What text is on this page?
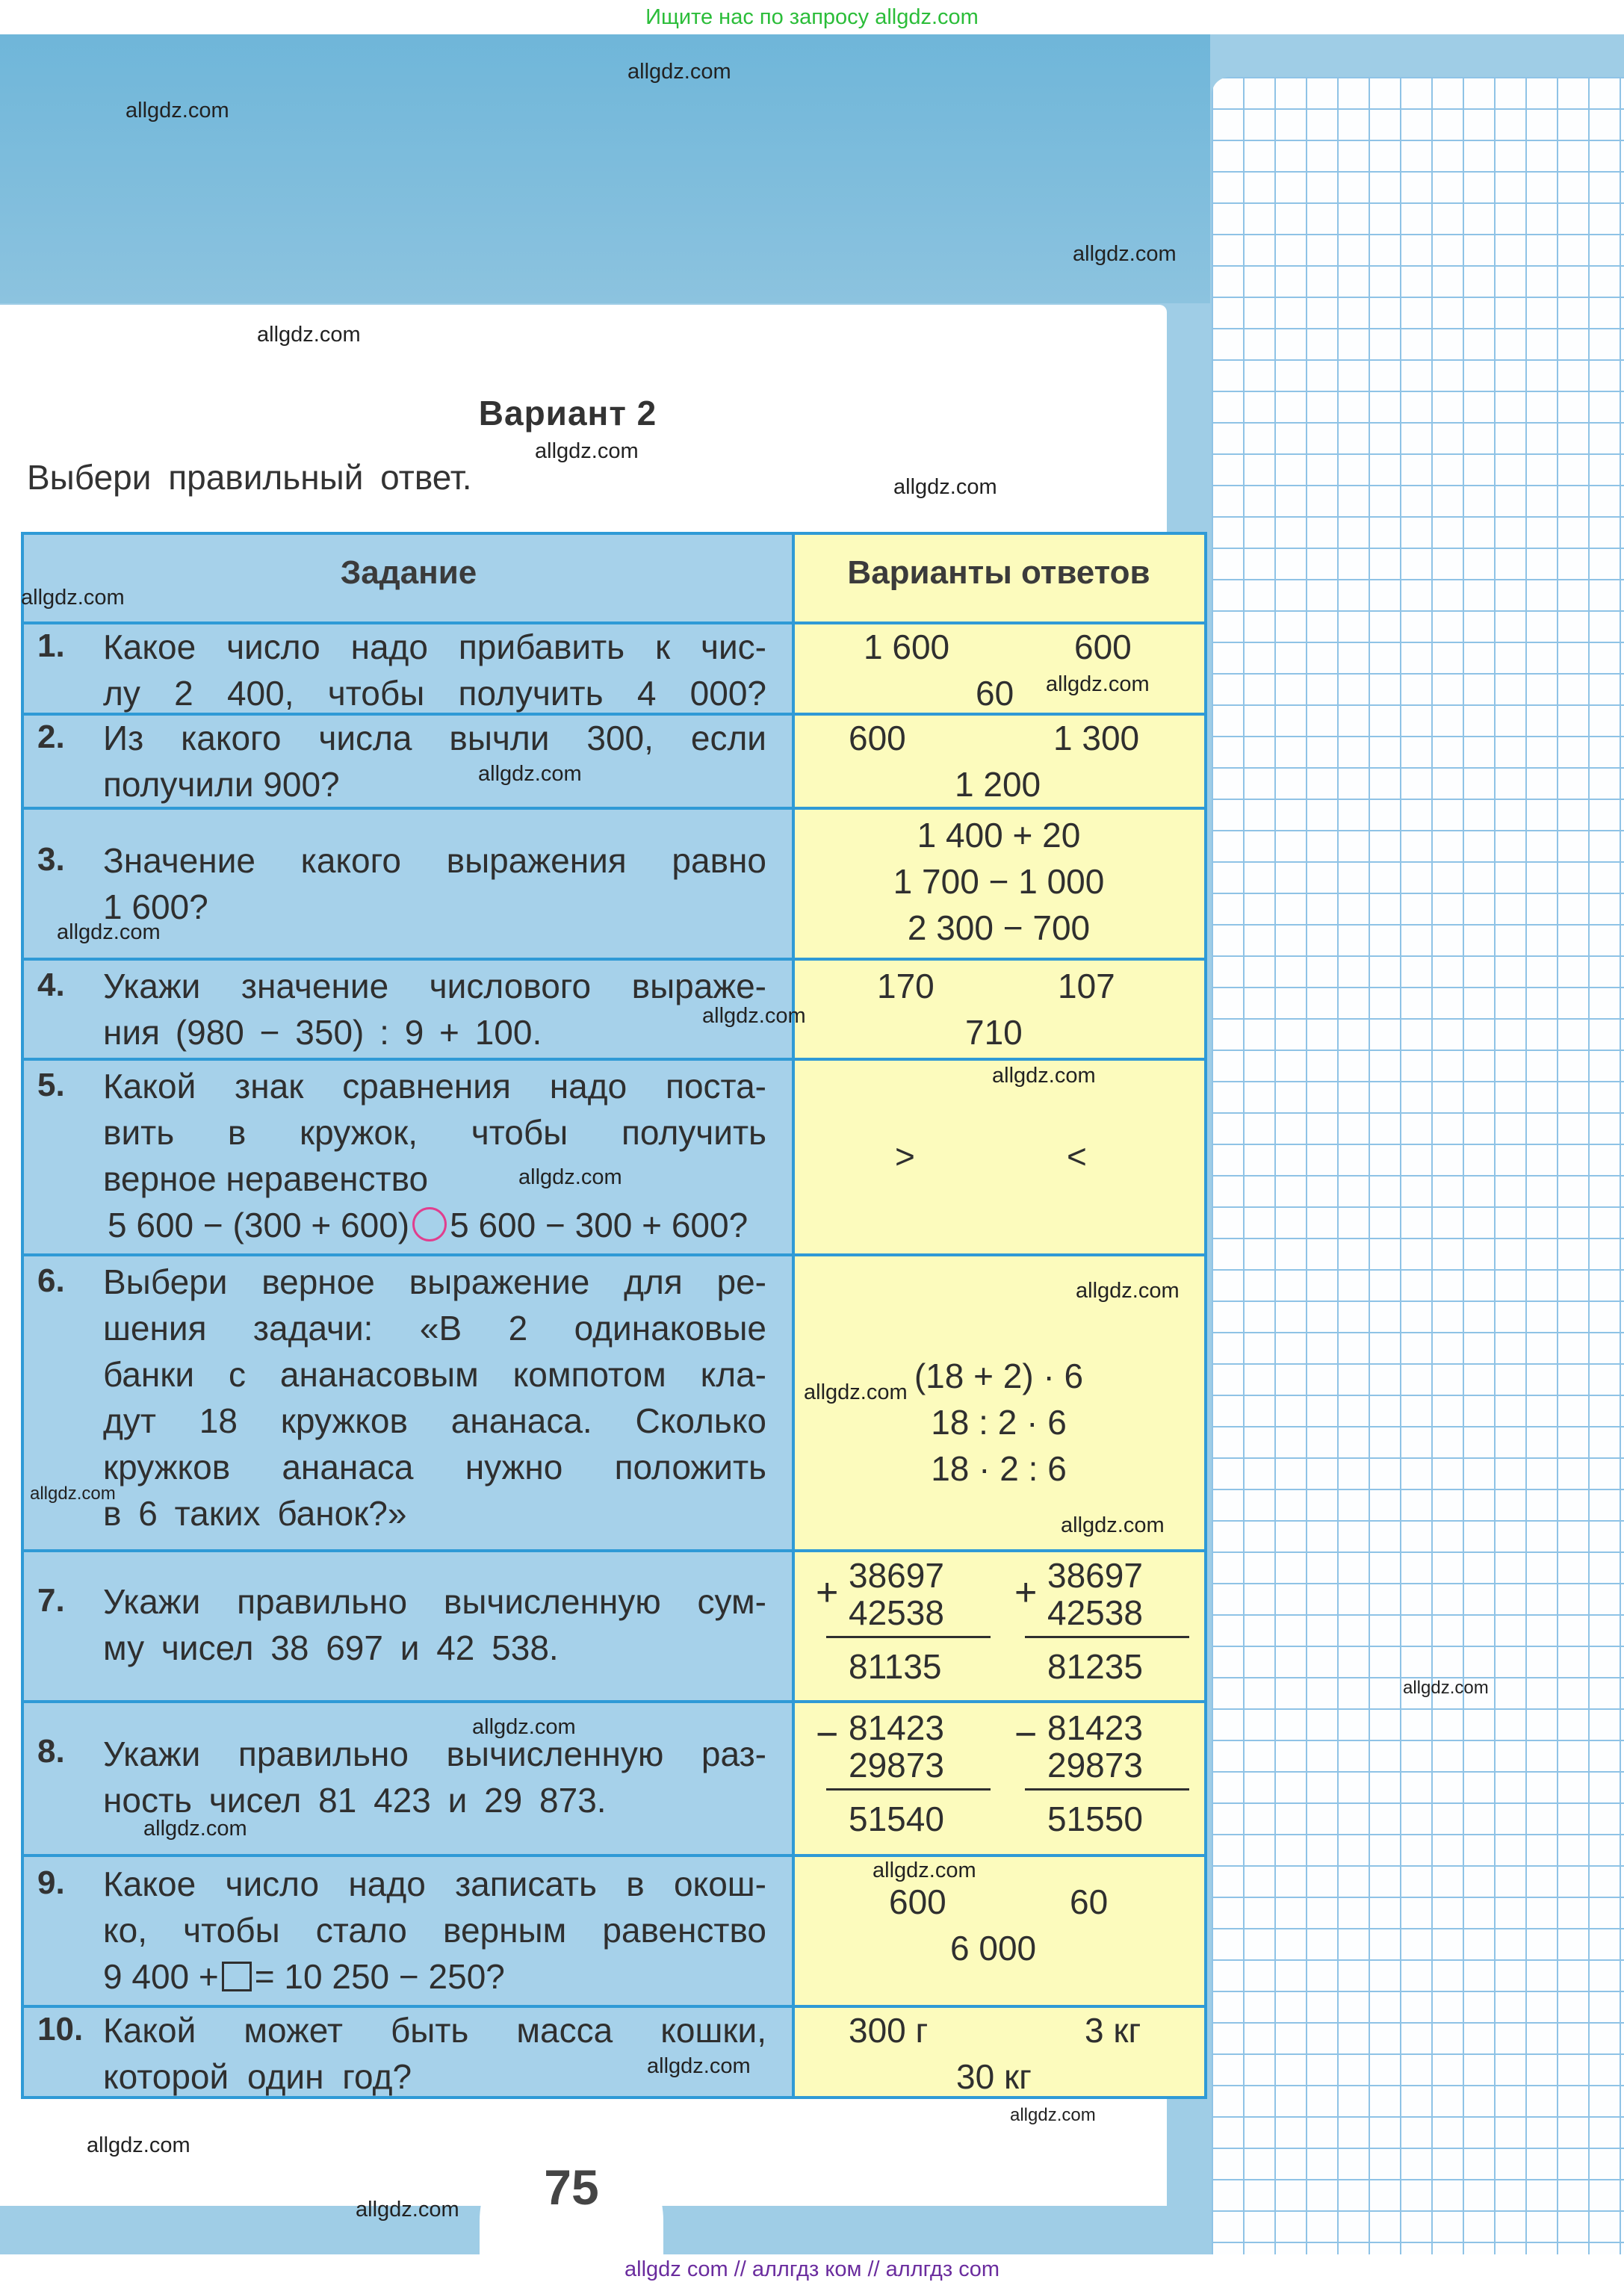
Ищите нас по запросу allgdz.com
75
Вариант 2
Выбери правильный ответ.
Задание	Варианты ответов
1. Какое число надо прибавить к чис-
лу 2 400, чтобы получить 4 000?
1 600	600
60
2. Из какого числа вычли 300, если
получили 900?
600	1 300
1 200
3. Значение какого выражения равно
1 600?
1 400 + 20
1 700 − 1 000
2 300 − 700
4. Укажи значение числового выраже-
ния (980 − 350) : 9 + 100.
170	107
710
5. Какой знак сравнения надо поста-
вить в кружок, чтобы получить
верное неравенство
5 600 − (300 + 600) 5 600 − 300 + 600?
>	<
6. Выбери верное выражение для ре-
шения задачи: «В 2 одинаковые
банки с ананасовым компотом кла-
дут 18 кружков ананаса. Сколько
кружков ананаса нужно положить
в 6 таких банок?»
(18 + 2) · 6
18 : 2 · 6
18 · 2 : 6
7. Укажи правильно вычисленную сум-
му чисел 38 697 и 42 538.
+ 38697
42538
81135
+ 38697
42538
81235
8. Укажи правильно вычисленную раз-
ность чисел 81 423 и 29 873.
− 81423
29873
51540
− 81423
29873
51550
9. Какое число надо записать в окош-
ко, чтобы стало верным равенство
9 400 + = 10 250 − 250?
600	60
6 000
10. Какой может быть масса кошки,
которой один год?
300 г	3 кг
30 кг
allgdz.com
allgdz.com
allgdz.com
allgdz.com
allgdz.com
allgdz.com
allgdz.com
allgdz.com
allgdz.com
allgdz.com
allgdz.com
allgdz.com
allgdz.com
allgdz.com
allgdz.com
allgdz.com
allgdz.com
allgdz.com
allgdz.com
allgdz.com
allgdz.com
allgdz.com
allgdz.com
allgdz.com
allgdz.com
allgdz com // аллгдз ком // аллгдз com
